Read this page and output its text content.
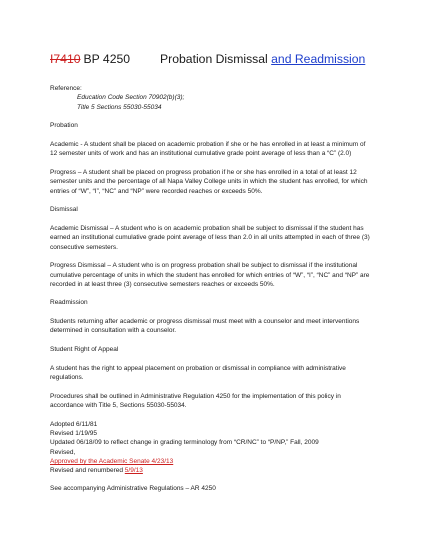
I7410 BP 4250 Probation Dismissal and Readmission

Reference:

Education Code Section 70902(b)(3);

Title 5 Sections 55030-55034

Probation

Academic - A student shall be placed on academic probation if she or he has enrolled in at least a minimum of 12 semester units of work and has an institutional cumulative grade point average of less than a “C” (2.0)

Progress – A student shall be placed on progress probation if he or she has enrolled in a total of at least 12 semester units and the percentage of all Napa Valley College units in which the student has enrolled, for which entries of “W”, “I”, “NC” and “NP” were recorded reaches or exceeds 50%.

Dismissal

Academic Dismissal – A student who is on academic probation shall be subject to dismissal if the student has earned an institutional cumulative grade point average of less than 2.0 in all units attempted in each of three (3) consecutive semesters.

Progress Dismissal – A student who is on progress probation shall be subject to dismissal if the institutional cumulative percentage of units in which the student has enrolled for which entries of “W”, “I”, “NC” and “NP” are recorded in at least three (3) consecutive semesters reaches or exceeds 50%.

Readmission

Students returning after academic or progress dismissal must meet with a counselor and meet interventions determined in consultation with a counselor.

Student Right of Appeal

A student has the right to appeal placement on probation or dismissal in compliance with administrative regulations.

Procedures shall be outlined in Administrative Regulation 4250 for the implementation of this policy in accordance with Title 5, Sections 55030-55034.

Adopted 6/11/81

Revised 1/19/95

Updated 06/18/09 to reflect change in grading terminology from “CR/NC” to “P/NP,” Fall, 2009

Revised,

Approved by the Academic Senate 4/23/13

Revised and renumbered 5/9/13

See accompanying Administrative Regulations – AR 4250
